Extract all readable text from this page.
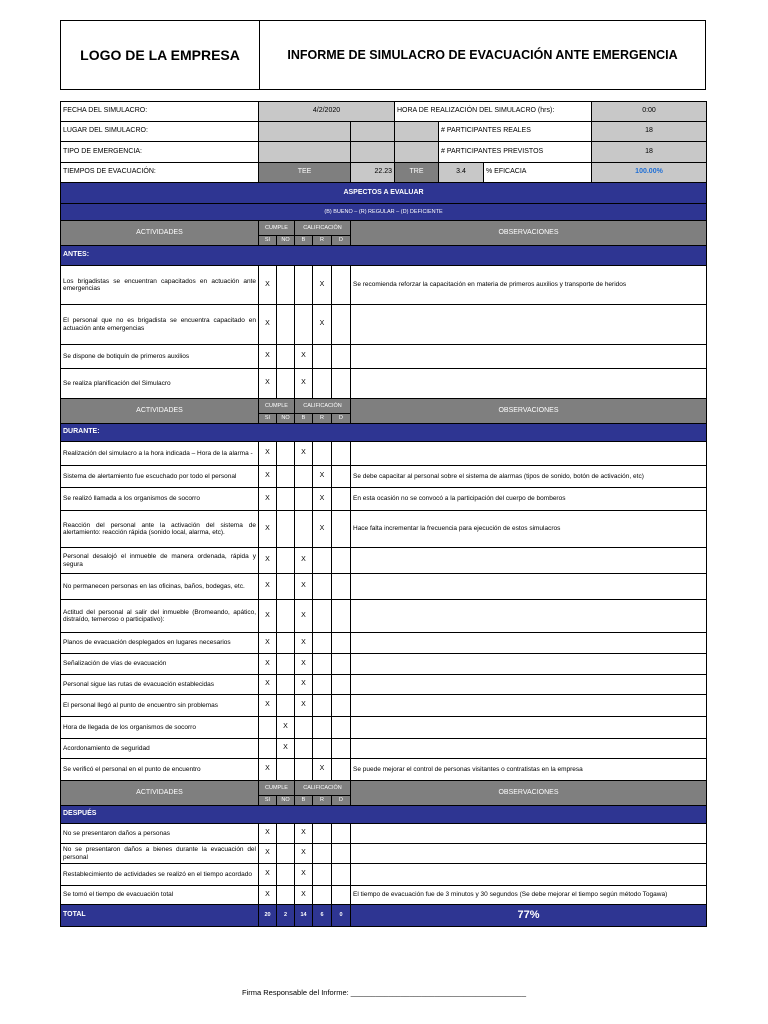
LOGO DE LA EMPRESA	INFORME DE SIMULACRO DE EVACUACIÓN ANTE EMERGENCIA
FECHA DEL SIMULACRO:	4/2/2020						HORA DE REALIZACIÓN DEL SIMULACRO (hrs):		0:00
LUGAR DEL SIMULACRO:								# PARTICIPANTES REALES	18
TIPO DE EMERGENCIA:								# PARTICIPANTES PREVISTOS	18
TIEMPOS DE EVACUACIÓN:	TEE					22.23	TRE	3.4 % EFICACIA	100.00%
ASPECTOS A EVALUAR									
(B) BUENO – (R) REGULAR – (D) DEFICIENTE									
ACTIVIDADES	CUMPLE		CALIFICACIÓN			OBSERVACIONES			
	SI	NO	B	R	D				
ANTES:									
Los brigadistas se encuentran capacitados en actuación ante emergencias	X			X		Se recomienda reforzar la capacitación en materia de primeros auxilios y transporte de heridos			
El personal que no es brigadista se encuentra capacitado en actuación ante emergencias	X			X					
Se dispone de botiquín de primeros auxilios	X		X						
Se realiza planificación del Simulacro	X		X						
ACTIVIDADES	CUMPLE		CALIFICACIÓN			OBSERVACIONES			
	SI	NO	B	R	D				
DURANTE:									
Realización del simulacro a la hora indicada – Hora de la alarma -	X		X						
Sistema de alertamiento fue escuchado por todo el personal	X			X		Se debe capacitar al personal sobre el sistema de alarmas (tipos de sonido, botón de activación, etc)			
Se realizó llamada a los organismos de socorro	X			X		En esta ocasión no se convocó a la participación del cuerpo de bomberos			
Reacción del personal ante la activación del sistema de alertamiento: reacción rápida (sonido local, alarma, etc).	X			X		Hace falta incrementar la frecuencia para ejecución de estos simulacros			
Personal desalojó el inmueble de manera ordenada, rápida y segura	X		X						
No permanecen personas en las oficinas, baños, bodegas, etc.	X		X						
Actitud del personal al salir del inmueble (Bromeando, apático, distraído, temeroso o participativo):	X		X						
Planos de evacuación desplegados en lugares necesarios	X		X						
Señalización de vías de evacuación	X		X						
Personal sigue las rutas de evacuación establecidas	X		X						
El personal llegó al punto de encuentro sin problemas	X		X						
Hora de llegada de los organismos de socorro		X							
Acordonamiento de seguridad		X							
Se verificó el personal en el punto de encuentro	X			X		Se puede mejorar el control de personas visitantes o contratistas en la empresa			
ACTIVIDADES	CUMPLE		CALIFICACIÓN			OBSERVACIONES			
	SI	NO	B	R	D				
DESPUÉS									
No se presentaron daños a personas	X		X						
No se presentaron daños a bienes durante la evacuación del personal	X		X						
Restablecimiento de actividades se realizó en el tiempo acordado	X		X						
Se tomó el tiempo de evacuación total	X		X			El tiempo de evacuación fue de 3 minutos y 30 segundos (Se debe mejorar el tiempo según método Togawa)			
TOTAL	20	2	14	6	0	77%			
Firma Responsable del Informe: __________________________________________
